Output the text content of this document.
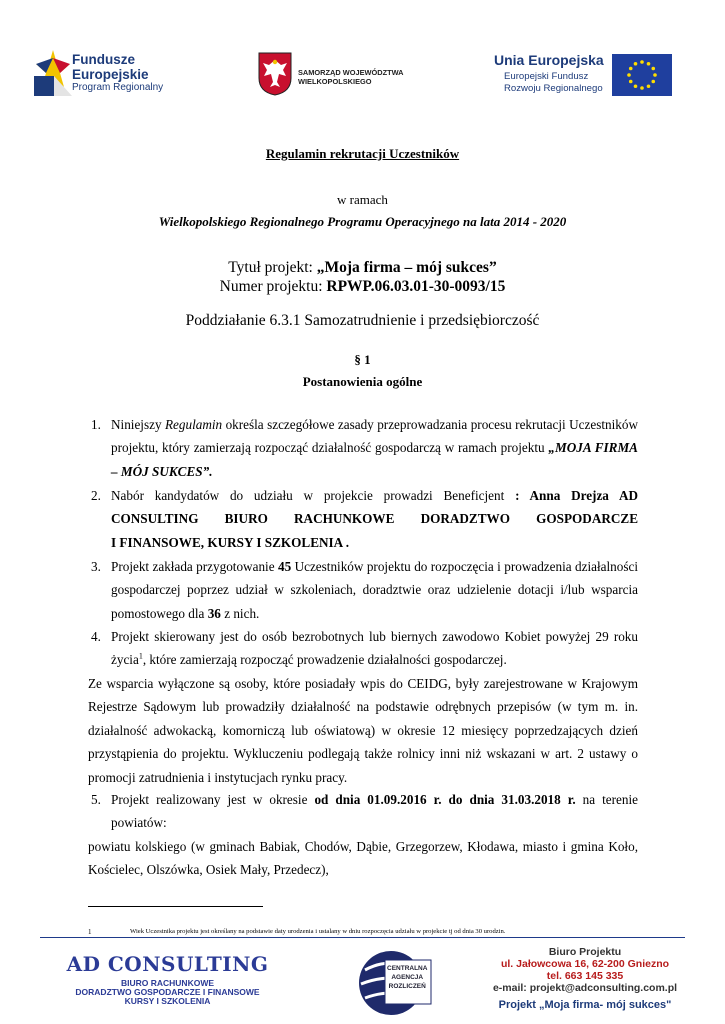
Fundusze
Europejskie
Program Regionalny
SAMORZĄD WOJEWÓDZTWA
WIELKOPOLSKIEGO
Unia Europejska
Europejski Fundusz
Rozwoju Regionalnego
Regulamin rekrutacji Uczestników
w ramach
Wielkopolskiego Regionalnego Programu Operacyjnego na lata 2014 - 2020
Tytuł projekt: „Moja firma – mój sukces”
Numer projektu: RPWP.06.03.01-30-0093/15
Poddziałanie 6.3.1 Samozatrudnienie i przedsiębiorczość
§ 1
Postanowienia ogólne
1. Niniejszy Regulamin określa szczegółowe zasady przeprowadzania procesu rekrutacji Uczestników projektu, który zamierzają rozpocząć działalność gospodarczą w ramach projektu „MOJA FIRMA – MÓJ SUKCES”.
2. Nabór kandydatów do udziału w projekcie prowadzi Beneficjent : Anna Drejza AD CONSULTING BIURO RACHUNKOWE DORADZTWO GOSPODARCZE
I FINANSOWE, KURSY I SZKOLENIA .
3. Projekt zakłada przygotowanie 45 Uczestników projektu do rozpoczęcia i prowadzenia działalności gospodarczej poprzez udział w szkoleniach, doradztwie oraz udzielenie dotacji i/lub wsparcia pomostowego dla 36 z nich.
4. Projekt skierowany jest do osób bezrobotnych lub biernych zawodowo Kobiet powyżej 29 roku życia$^1$, które zamierzają rozpocząć prowadzenie działalności gospodarczej.
Ze wsparcia wyłączone są osoby, które posiadały wpis do CEIDG, były zarejestrowane w Krajowym Rejestrze Sądowym lub prowadziły działalność na podstawie odrębnych przepisów (w tym m. in. działalność adwokacką, komorniczą lub oświatową) w okresie 12 miesięcy poprzedzających dzień przystąpienia do projektu. Wykluczeniu podlegają także rolnicy inni niż wskazani w art. 2 ustawy o promocji zatrudnienia i instytucjach rynku pracy.
5. Projekt realizowany jest w okresie od dnia 01.09.2016 r. do dnia 31.03.2018 r. na terenie powiatów:
powiatu kolskiego (w gminach Babiak, Chodów, Dąbie, Grzegorzew, Kłodawa, miasto i gmina Koło, Kościelec, Olszówka, Osiek Mały, Przedecz),
1	Wiek Uczestnika projektu jest określany na podstawie daty urodzenia i ustalany w dniu rozpoczęcia udziału w projekcie tj od dnia 30 urodzin.
AD CONSULTING
BIURO RACHUNKOWE
DORADZTWO GOSPODARCZE I FINANSOWE
KURSY I SZKOLENIA
CENTRALNA
AGENCJA
ROZLICZEŃ
Biuro Projektu
ul. Jałowcowa 16, 62-200 Gniezno
tel. 663 145 335
e-mail: projekt@adconsulting.com.pl
Projekt „Moja firma- mój sukces"
